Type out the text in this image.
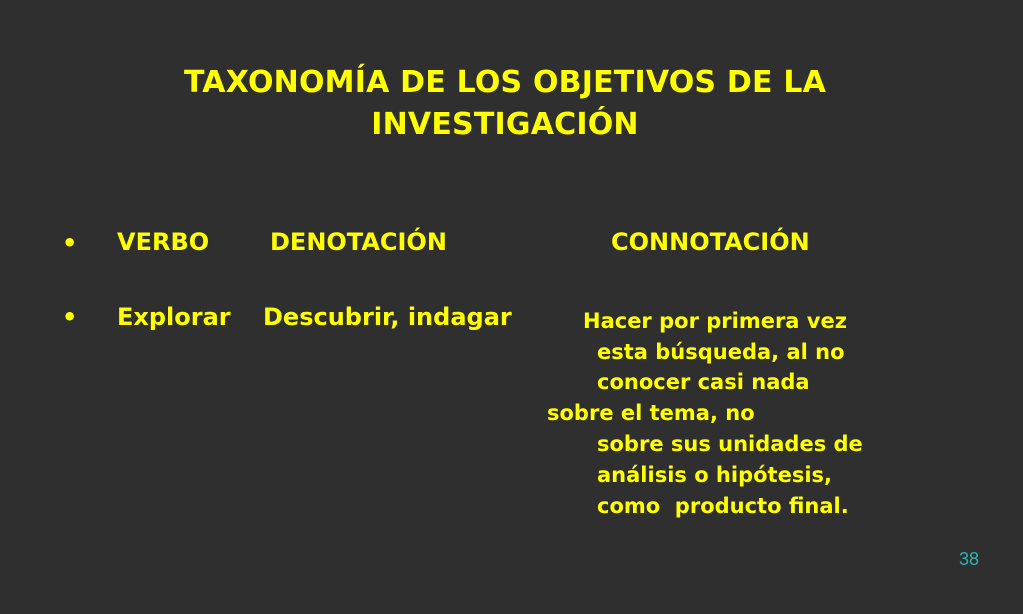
TAXONOMÍA DE LOS OBJETIVOS DE LA
INVESTIGACIÓN
• VERBO	DENOTACIÓN	CONNOTACIÓN
• Explorar Descubrir, indagar	Hacer por primera vez
esta búsqueda, al no
conocer casi nada
sobre el tema, no
sobre sus unidades de
análisis o hipótesis,
como  producto final.
38
